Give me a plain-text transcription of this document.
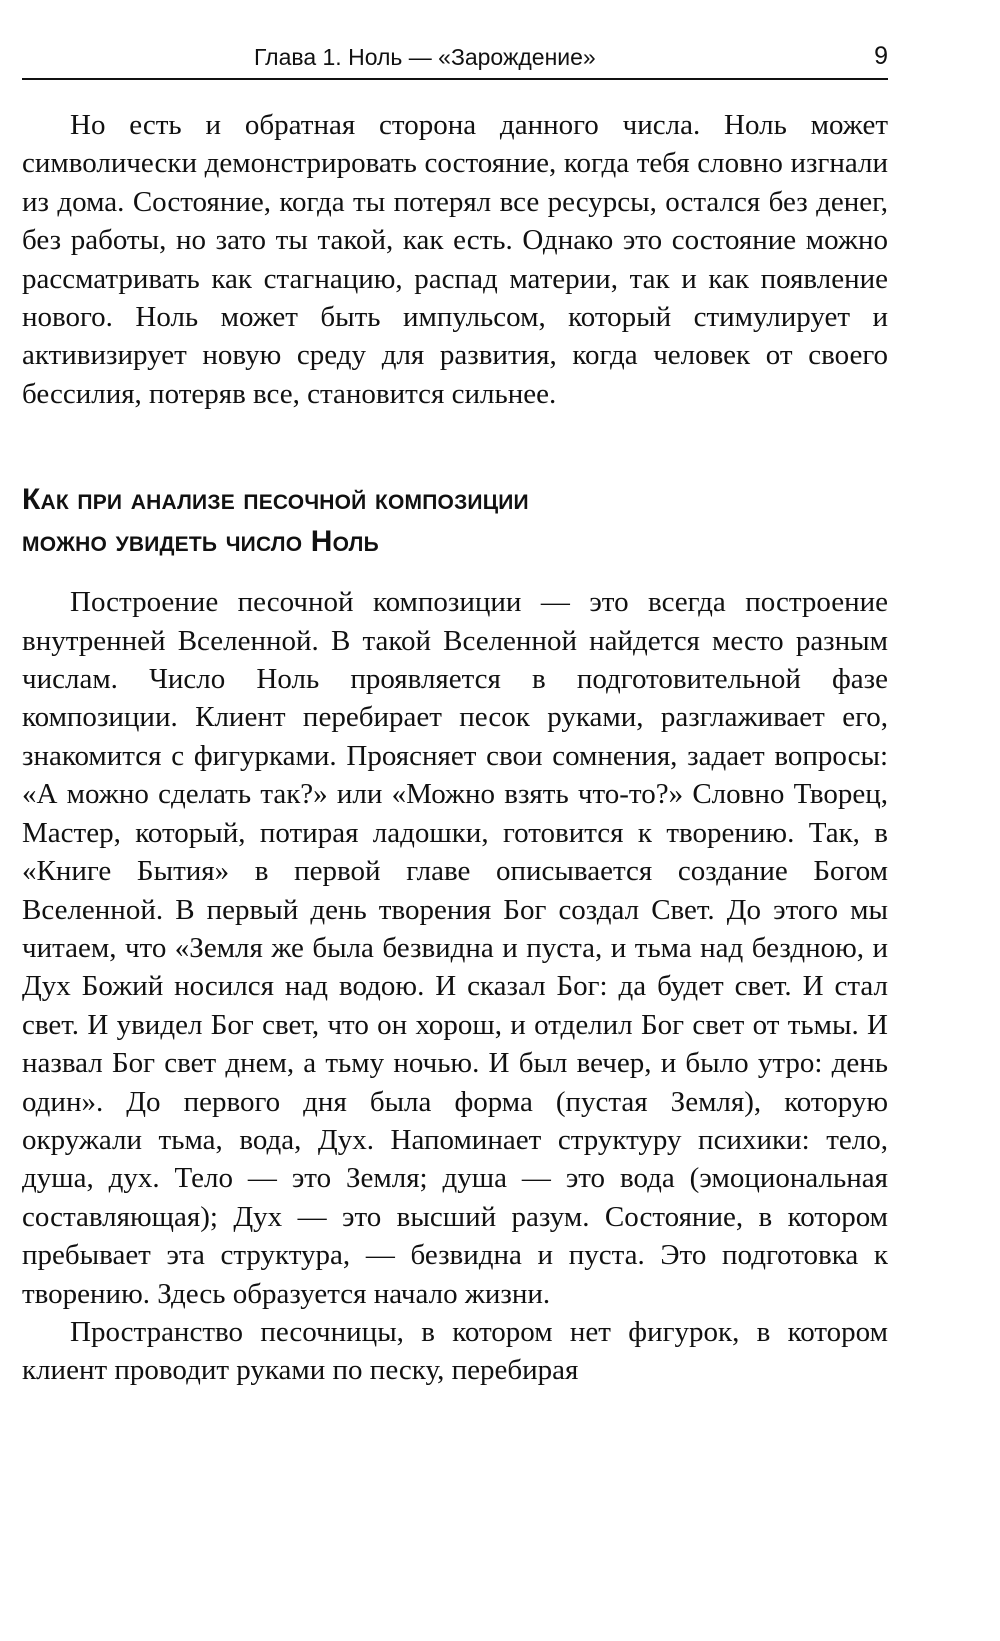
Глава 1. Ноль — «Зарождение»	9

Но есть и обратная сторона данного числа. Ноль может символически демонстрировать состояние, когда тебя словно изгнали из дома. Состояние, когда ты потерял все ресурсы, остался без денег, без работы, но зато ты такой, как есть. Однако это состояние можно рассматривать как стагнацию, распад материи, так и как появление нового. Ноль может быть импульсом, который стимулирует и активизирует новую среду для развития, когда человек от своего бессилия, потеряв все, становится сильнее.

Как при анализе песочной композиции
можно увидеть число Ноль

Построение песочной композиции — это всегда построение внутренней Вселенной. В такой Вселенной найдется место разным числам. Число Ноль проявляется в подготовительной фазе композиции. Клиент перебирает песок руками, разглаживает его, знакомится с фигурками. Проясняет свои сомнения, задает вопросы: «А можно сделать так?» или «Можно взять что-то?» Словно Творец, Мастер, который, потирая ладошки, готовится к творению. Так, в «Книге Бытия» в первой главе описывается создание Богом Вселенной. В первый день творения Бог создал Свет. До этого мы читаем, что «Земля же была безвидна и пуста, и тьма над бездною, и Дух Божий носился над водою. И сказал Бог: да будет свет. И стал свет. И увидел Бог свет, что он хорош, и отделил Бог свет от тьмы. И назвал Бог свет днем, а тьму ночью. И был вечер, и было утро: день один». До первого дня была форма (пустая Земля), которую окружали тьма, вода, Дух. Напоминает структуру психики: тело, душа, дух. Тело — это Земля; душа — это вода (эмоциональная составляющая); Дух — это высший разум. Состояние, в котором пребывает эта структура, — безвидна и пуста. Это подготовка к творению. Здесь образуется начало жизни.

Пространство песочницы, в котором нет фигурок, в котором клиент проводит руками по песку, перебирая
